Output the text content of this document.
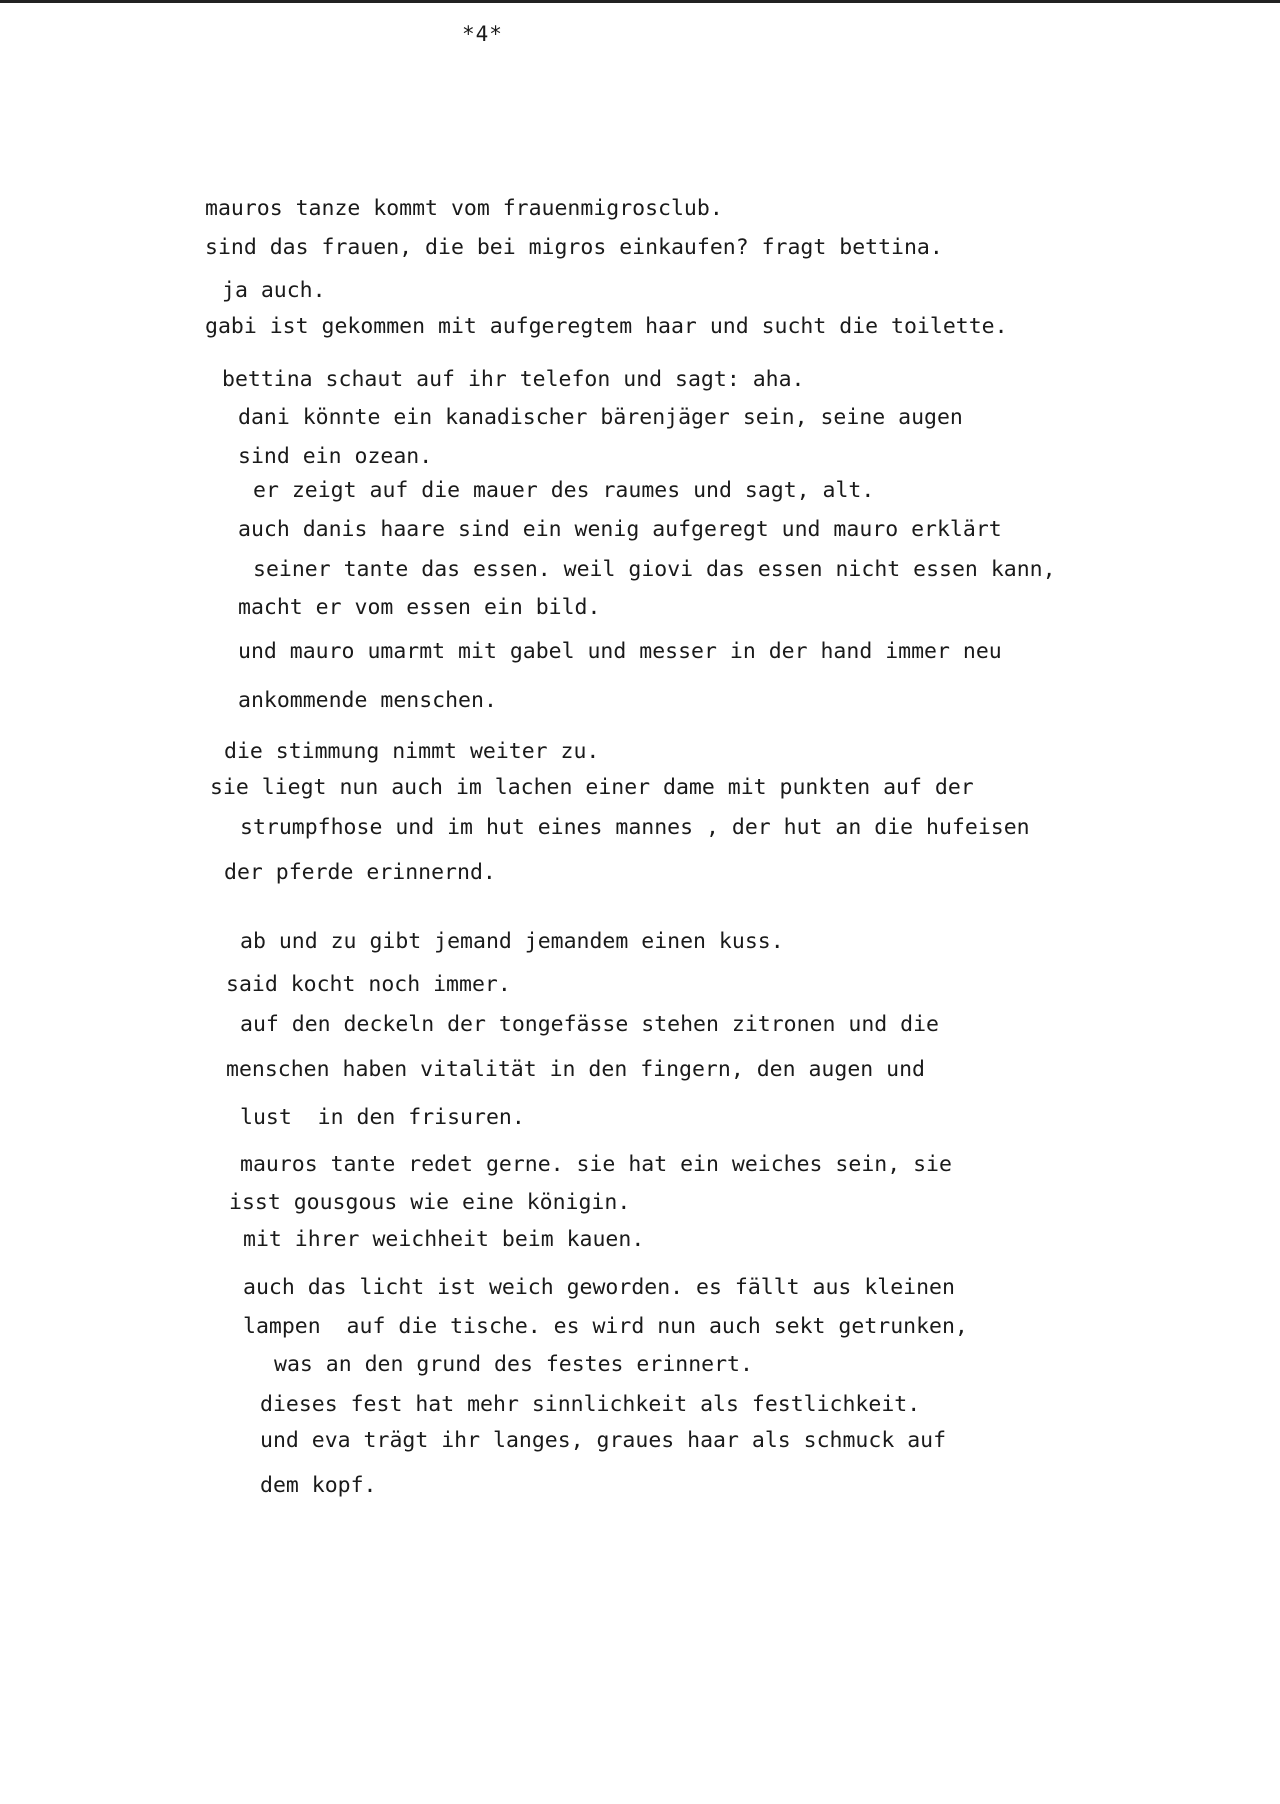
*4*
mauros tanze kommt vom frauenmigrosclub.
sind das frauen, die bei migros einkaufen? fragt bettina.
ja auch.
gabi ist gekommen mit aufgeregtem haar und sucht die toilette.
bettina schaut auf ihr telefon und sagt: aha.
dani könnte ein kanadischer bärenjäger sein, seine augen
sind ein ozean.
er zeigt auf die mauer des raumes und sagt, alt.
auch danis haare sind ein wenig aufgeregt und mauro erklärt
seiner tante das essen. weil giovi das essen nicht essen kann,
macht er vom essen ein bild.
und mauro umarmt mit gabel und messer in der hand immer neu
ankommende menschen.
die stimmung nimmt weiter zu.
sie liegt nun auch im lachen einer dame mit punkten auf der
strumpfhose und im hut eines mannes , der hut an die hufeisen
der pferde erinnernd.
ab und zu gibt jemand jemandem einen kuss.
said kocht noch immer.
auf den deckeln der tongefässe stehen zitronen und die
menschen haben vitalität in den fingern, den augen und
lust  in den frisuren.
mauros tante redet gerne. sie hat ein weiches sein, sie
isst gousgous wie eine königin.
mit ihrer weichheit beim kauen.
auch das licht ist weich geworden. es fällt aus kleinen
lampen  auf die tische. es wird nun auch sekt getrunken,
was an den grund des festes erinnert.
dieses fest hat mehr sinnlichkeit als festlichkeit.
und eva trägt ihr langes, graues haar als schmuck auf
dem kopf.
